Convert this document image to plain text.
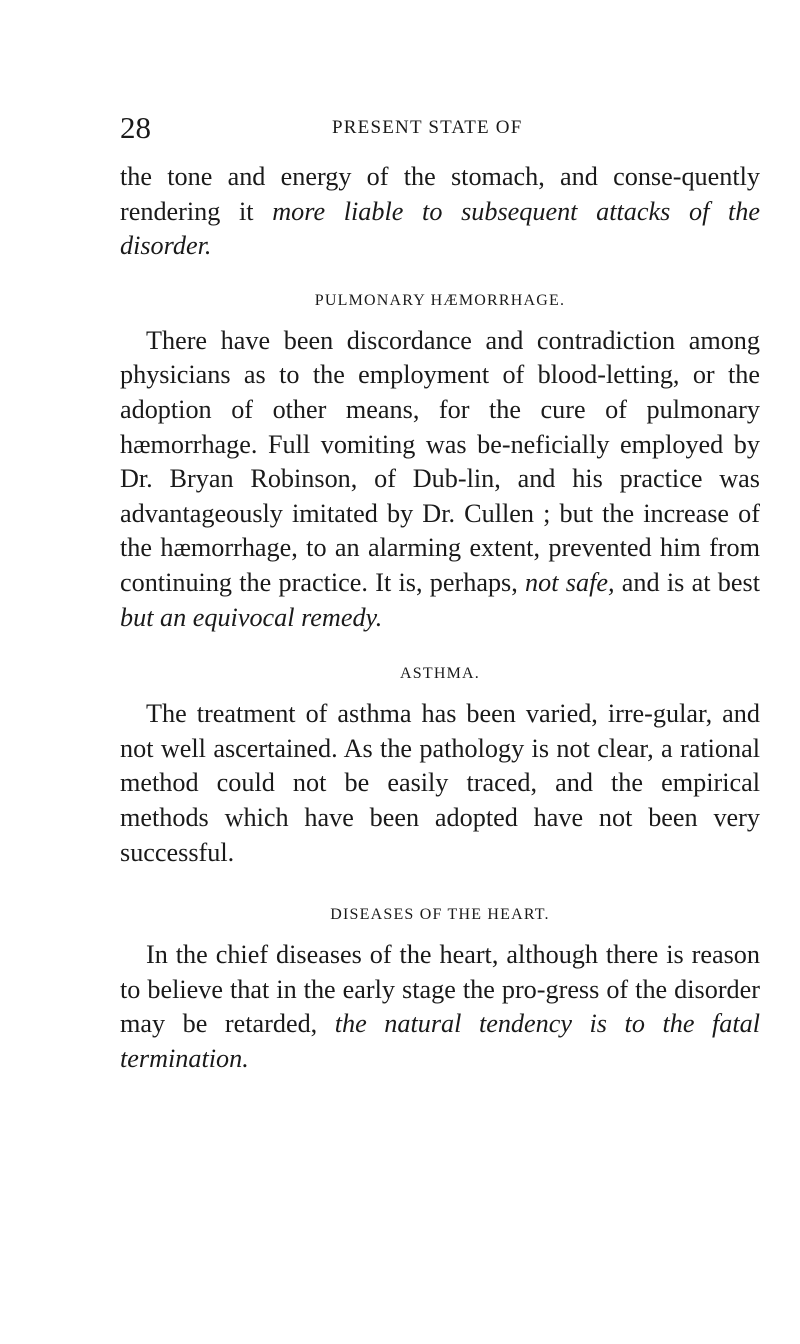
28	PRESENT STATE OF

the tone and energy of the stomach, and conse-quently rendering it more liable to subsequent attacks of the disorder.

PULMONARY HÆMORRHAGE.

There have been discordance and contradiction among physicians as to the employment of blood-letting, or the adoption of other means, for the cure of pulmonary hæmorrhage. Full vomiting was be-neficially employed by Dr. Bryan Robinson, of Dub-lin, and his practice was advantageously imitated by Dr. Cullen ; but the increase of the hæmorrhage, to an alarming extent, prevented him from continuing the practice. It is, perhaps, not safe, and is at best but an equivocal remedy.

ASTHMA.

The treatment of asthma has been varied, irre-gular, and not well ascertained. As the pathology is not clear, a rational method could not be easily traced, and the empirical methods which have been adopted have not been very successful.

DISEASES OF THE HEART.

In the chief diseases of the heart, although there is reason to believe that in the early stage the pro-gress of the disorder may be retarded, the natural tendency is to the fatal termination.
